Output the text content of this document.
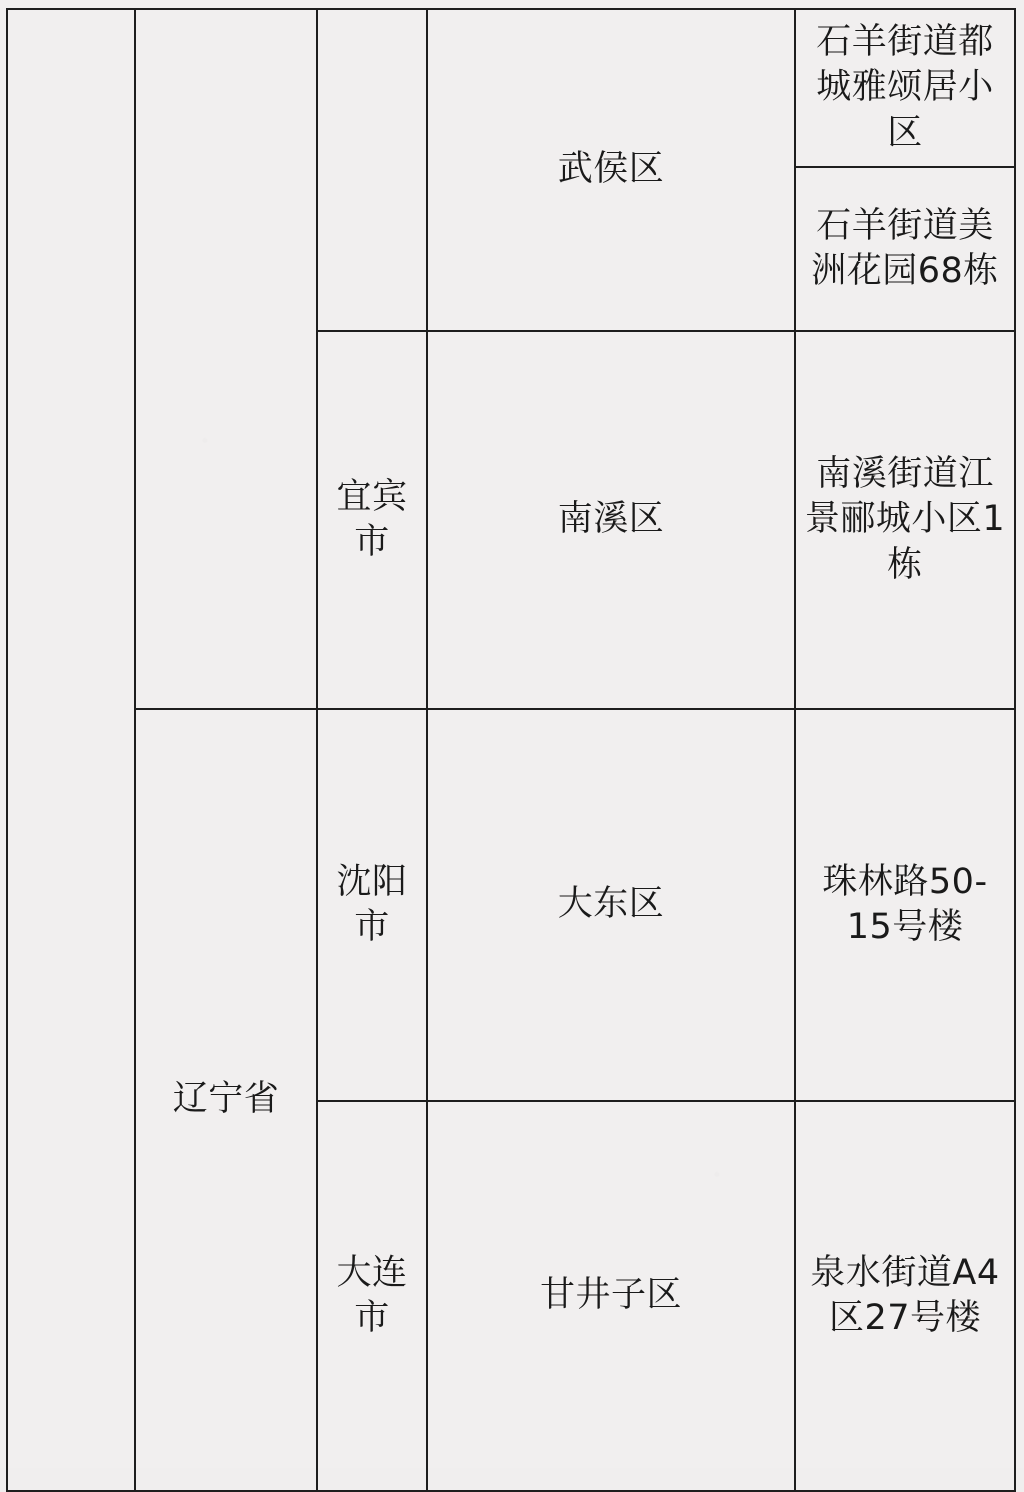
			武侯区	石羊街道都城雅颂居小区
				石羊街道美洲花园68栋
		宜宾市	南溪区	南溪街道江景郦城小区1栋
	辽宁省	沈阳市	大东区	珠林路50-15号楼
		大连市	甘井子区	泉水街道A4区27号楼
